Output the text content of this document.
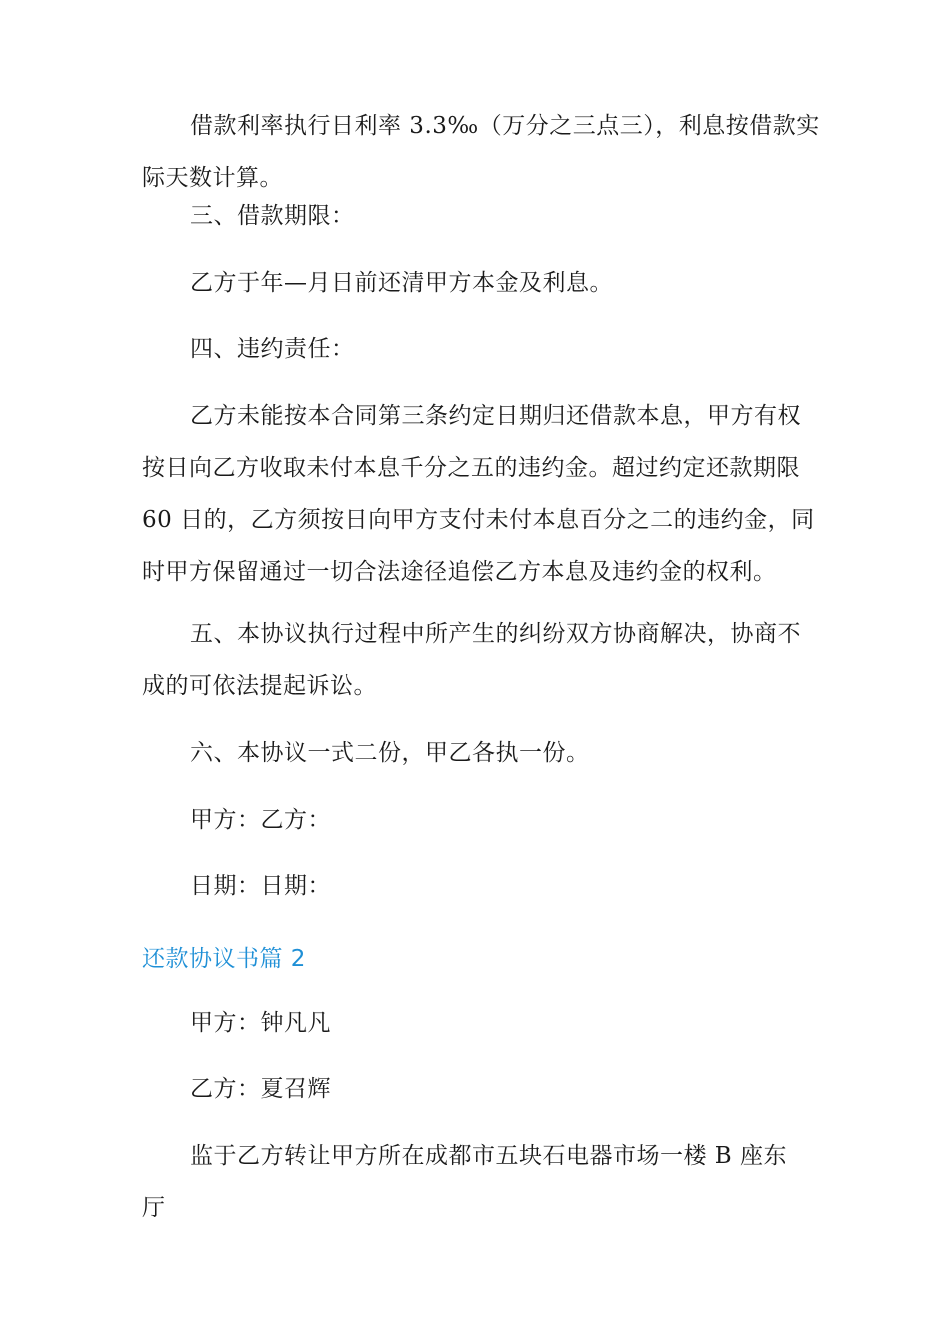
借款利率执行日利率 3.3‰（万分之三点三），利息按借款实
际天数计算。

三、借款期限：

乙方于年—月日前还清甲方本金及利息。

四、违约责任：

乙方未能按本合同第三条约定日期归还借款本息，甲方有权
按日向乙方收取未付本息千分之五的违约金。超过约定还款期限
60 日的，乙方须按日向甲方支付未付本息百分之二的违约金，同
时甲方保留通过一切合法途径追偿乙方本息及违约金的权利。
五、本协议执行过程中所产生的纠纷双方协商解决，协商不
成的可依法提起诉讼。

六、本协议一式二份，甲乙各执一份。

甲方：乙方：

日期：日期：

还款协议书篇 2

甲方：钟凡凡

乙方：夏召辉

监于乙方转让甲方所在成都市五块石电器市场一楼 B 座东厅
